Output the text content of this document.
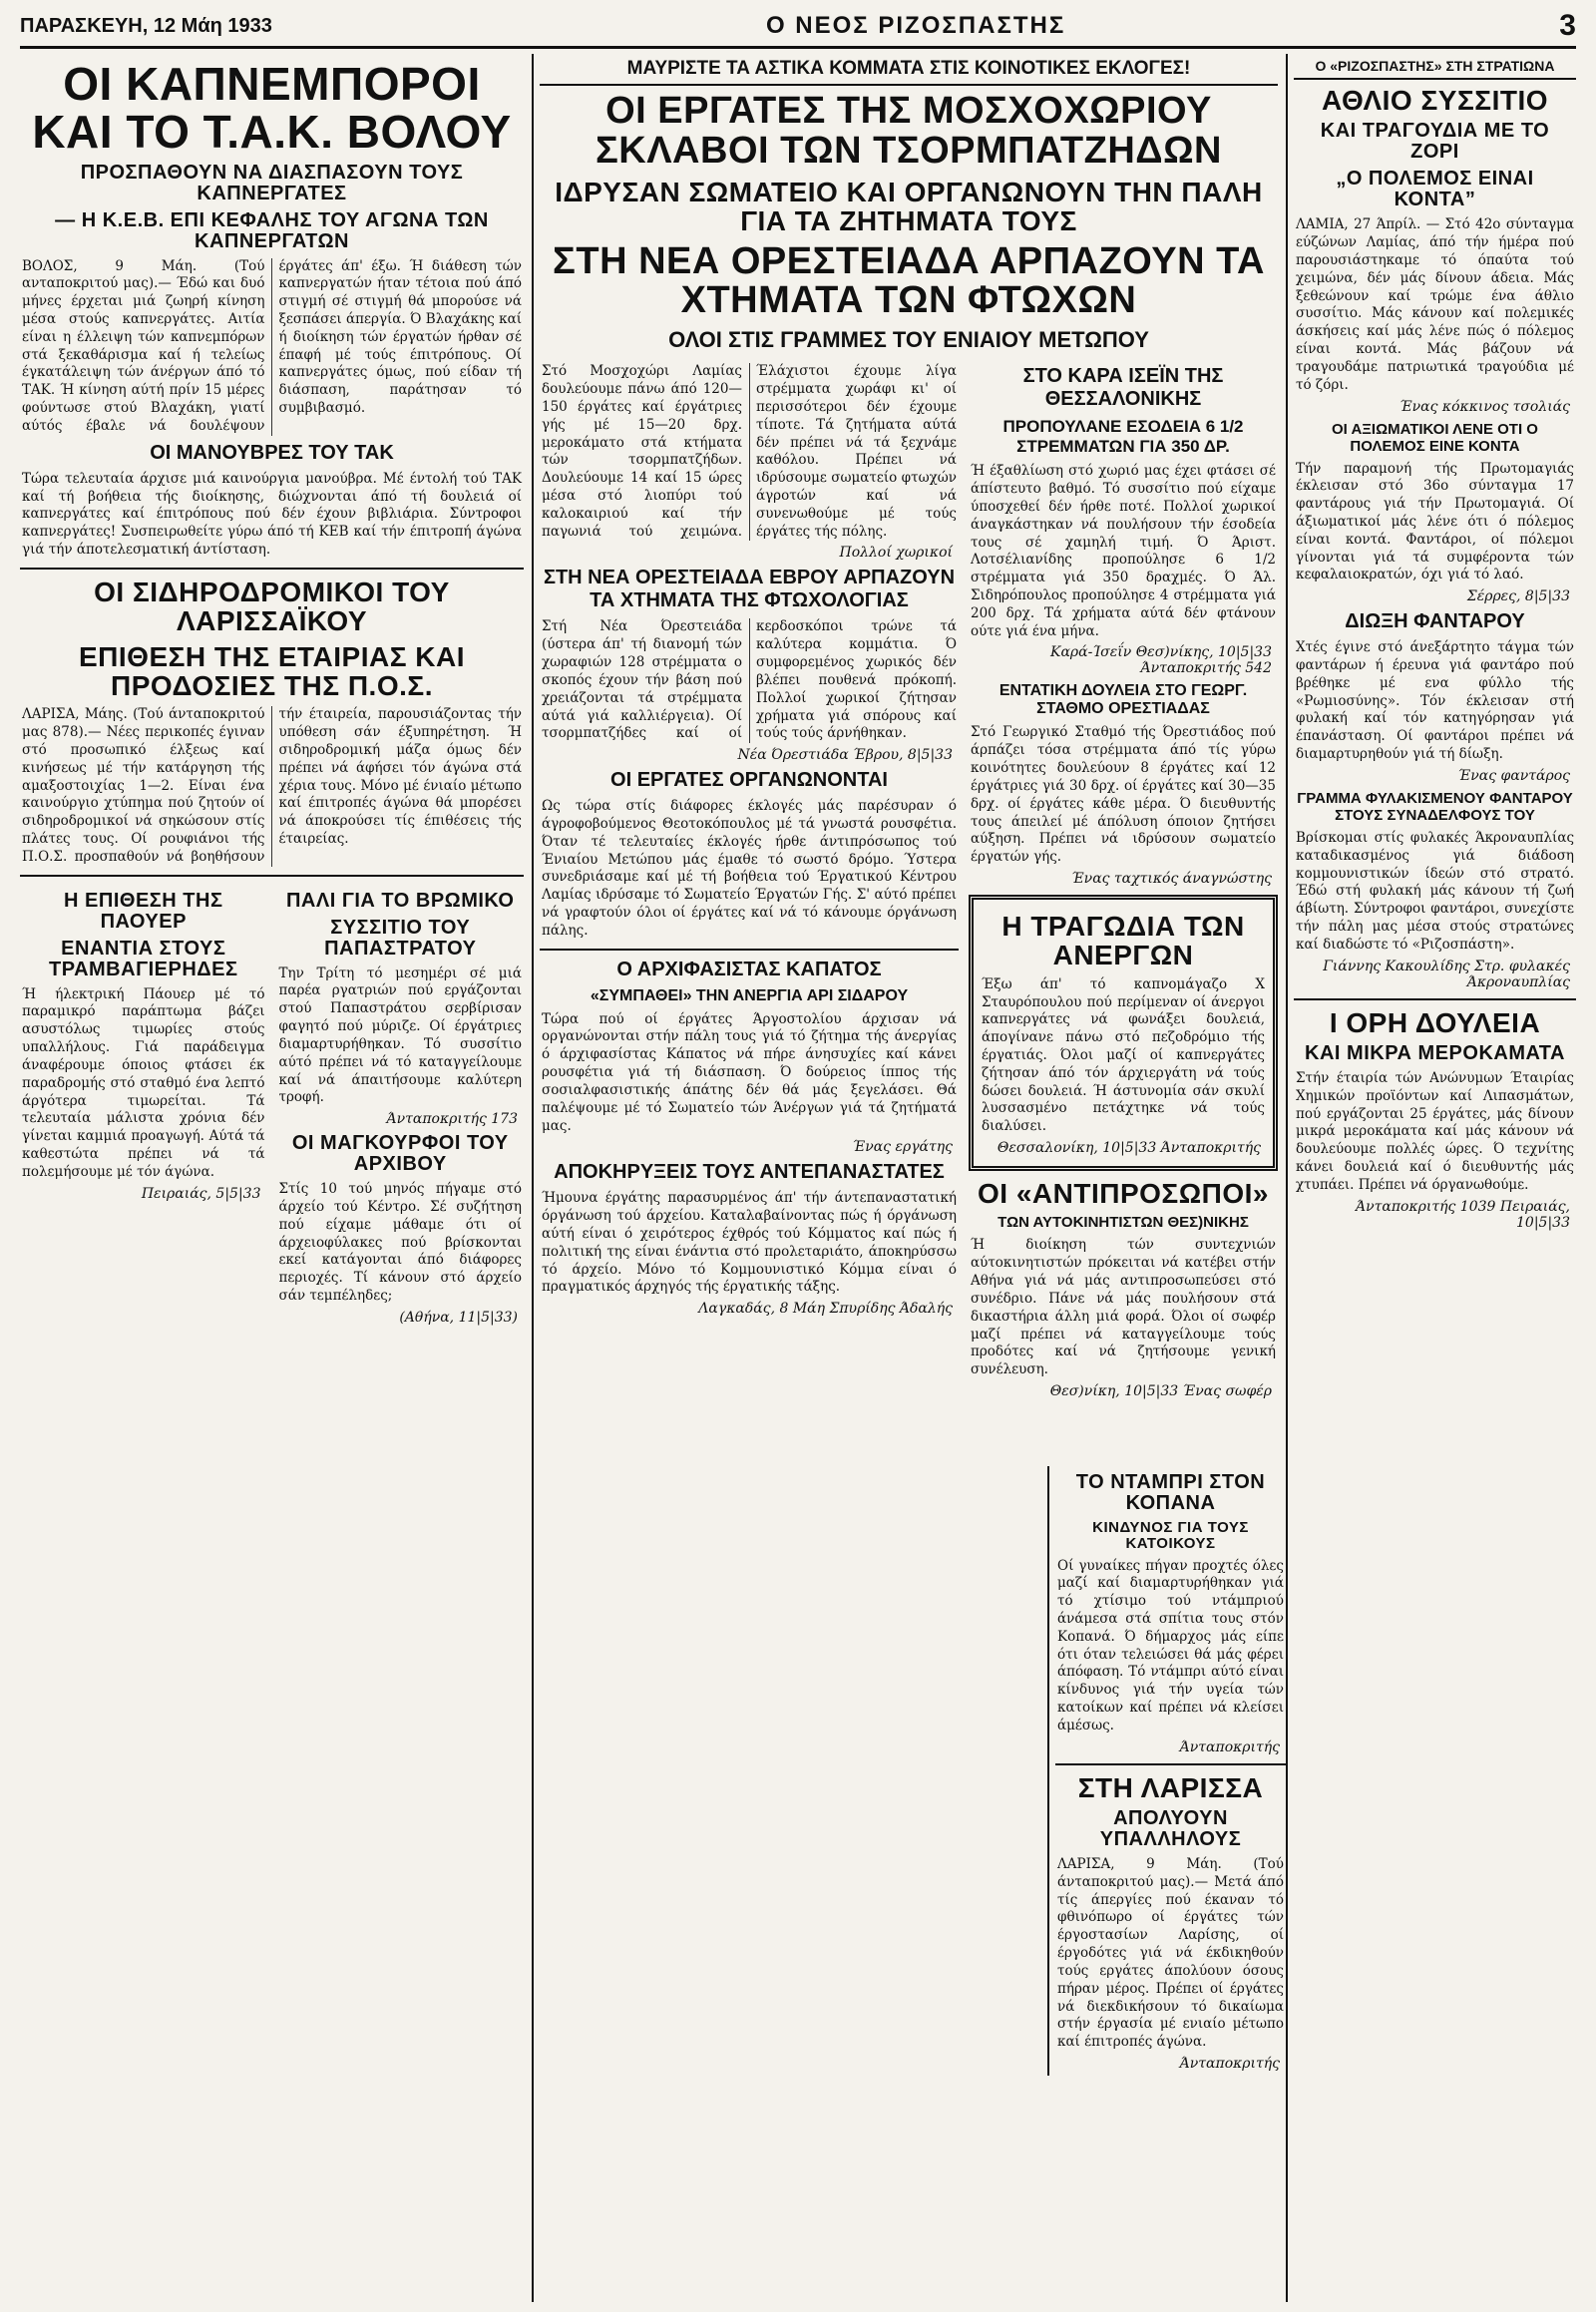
ΠΑΡΑΣΚΕΥΗ, 12 Μάη 1933	Ο ΝΕΟΣ ΡΙΖΟΣΠΑΣΤΗΣ	3
ΟΙ ΚΑΠΝΕΜΠΟΡΟΙ ΚΑΙ ΤΟ Τ.Α.Κ. ΒΟΛΟΥ
ΠΡΟΣΠΑΘΟΥΝ ΝΑ ΔΙΑΣΠΑΣΟΥΝ ΤΟΥΣ ΚΑΠΝΕΡΓΑΤΕΣ
— Η Κ.Ε.Β. ΕΠΙ ΚΕΦΑΛΗΣ ΤΟΥ ΑΓΩΝΑ ΤΩΝ ΚΑΠΝΕΡΓΑΤΩΝ
ΒΟΛΟΣ, 9 Μάη. (Τού ανταποκριτού μας).— Έδώ και δυό μήνες έρχεται μιά ζωηρή κίνηση μέσα στούς καπνεργάτες. Αιτία είναι η έλλειψη τών καπνεμπόρων στά ξεκαθάρισμα καί ή τελείως έγκατάλειψη τών άνέργων άπό τό ΤΑΚ. Ή κίνηση αύτή πρίν 15 μέρες φούντωσε στού Βλαχάκη, γιατί αύτός έβαλε νά δουλέψουν έργάτες άπ' έξω. Ή διάθεση τών καπνεργατών ήταν τέτοια πού άπό στιγμή σέ στιγμή θά μπορούσε νά ξεσπάσει άπεργία. Ό Βλαχάκης καί ή διοίκηση τών έργατών ήρθαν σέ έπαφή μέ τούς έπιτρόπους. Οί καπνεργάτες όμως, πού είδαν τή διάσπαση, παράτησαν τό συμβιβασμό.
ΟΙ ΜΑΝΟΥΒΡΕΣ ΤΟΥ ΤΑΚ
Τώρα τελευταία άρχισε μιά καινούργια μανούβρα. Μέ έντολή τού ΤΑΚ καί τή βοήθεια τής διοίκησης, διώχνονται άπό τή δουλειά οί καπνεργάτες καί έπιτρόπους πού δέν έχουν βιβλιάρια. Σύντροφοι καπνεργάτες! Συσπειρωθείτε γύρω άπό τή ΚΕΒ καί τήν έπιτροπή άγώνα γιά τήν άποτελεσματική άντίσταση.
ΟΙ ΣΙΔΗΡΟΔΡΟΜΙΚΟΙ ΤΟΥ ΛΑΡΙΣΣΑΪΚΟΥ
ΕΠΙΘΕΣΗ ΤΗΣ ΕΤΑΙΡΙΑΣ ΚΑΙ ΠΡΟΔΟΣΙΕΣ ΤΗΣ Π.Ο.Σ.
ΛΑΡΙΣΑ, Μάης. (Τού άνταποκριτού μας 878).— Νέες περικοπές έγιναν στό προσωπικό έλξεως καί κινήσεως μέ τήν κατάργηση τής αμαξοστοιχίας 1—2. Είναι ένα καινούργιο χτύπημα πού ζητούν οί σιδηροδρομικοί νά σηκώσουν στίς πλάτες τους. Οί ρουφιάνοι τής Π.Ο.Σ. προσπαθούν νά βοηθήσουν τήν έταιρεία, παρουσιάζοντας τήν υπόθεση σάν έξυπηρέτηση. Ή σιδηροδρομική μάζα όμως δέν πρέπει νά άφήσει τόν άγώνα στά χέρια τους. Μόνο μέ ένιαίο μέτωπο καί έπιτροπές άγώνα θά μπορέσει νά άποκρούσει τίς έπιθέσεις τής έταιρείας.
Η ΕΠΙΘΕΣΗ ΤΗΣ ΠΑΟΥΕΡ
ΕΝΑΝΤΙΑ ΣΤΟΥΣ ΤΡΑΜΒΑΓΙΕΡΗΔΕΣ
Ή ήλεκτρική Πάουερ μέ τό παραμικρό παράπτωμα βάζει ασυστόλως τιμωρίες στούς υπαλλήλους. Γιά παράδειγμα άναφέρουμε όποιος φτάσει έκ παραδρομής στό σταθμό ένα λεπτό άργότερα τιμωρείται. Τά τελευταία μάλιστα χρόνια δέν γίνεται καμμιά προαγωγή. Αύτά τά καθεστώτα πρέπει νά τά πολεμήσουμε μέ τόν άγώνα.
Πειραιάς, 5|5|33
ΠΑΛΙ ΓΙΑ ΤΟ ΒΡΩΜΙΚΟ
ΣΥΣΣΙΤΙΟ ΤΟΥ ΠΑΠΑΣΤΡΑΤΟΥ
Την Τρίτη τό μεσημέρι σέ μιά παρέα ργατριών πού εργάζονται στού Παπαστράτου σερβίρισαν φαγητό πού μύριζε. Οί έργάτριες διαμαρτυρήθηκαν. Τό συσσίτιο αύτό πρέπει νά τό καταγγείλουμε καί νά άπαιτήσουμε καλύτερη τροφή.
Άνταποκριτής 173
ΟΙ ΜΑΓΚΟΥΡΦΟΙ ΤΟΥ ΑΡΧΙΒΟΥ
Στίς 10 τού μηνός πήγαμε στό άρχείο τού Κέντρο. Σέ συζήτηση πού είχαμε μάθαμε ότι οί άρχειοφύλακες πού βρίσκονται εκεί κατάγονται άπό διάφορες περιοχές. Τί κάνουν στό άρχείο σάν τεμπέληδες;
(Αθήνα, 11|5|33)
ΜΑΥΡΙΣΤΕ ΤΑ ΑΣΤΙΚΑ ΚΟΜΜΑΤΑ ΣΤΙΣ ΚΟΙΝΟΤΙΚΕΣ ΕΚΛΟΓΕΣ!
ΟΙ ΕΡΓΑΤΕΣ ΤΗΣ ΜΟΣΧΟΧΩΡΙΟΥ ΣΚΛΑΒΟΙ ΤΩΝ ΤΣΟΡΜΠΑΤΖΗΔΩΝ
ΙΔΡΥΣΑΝ ΣΩΜΑΤΕΙΟ ΚΑΙ ΟΡΓΑΝΩΝΟΥΝ ΤΗΝ ΠΑΛΗ ΓΙΑ ΤΑ ΖΗΤΗΜΑΤΑ ΤΟΥΣ
ΣΤΗ ΝΕΑ ΟΡΕΣΤΕΙΑΔΑ ΑΡΠΑΖΟΥΝ ΤΑ ΧΤΗΜΑΤΑ ΤΩΝ ΦΤΩΧΩΝ
ΟΛΟΙ ΣΤΙΣ ΓΡΑΜΜΕΣ ΤΟΥ ΕΝΙΑΙΟΥ ΜΕΤΩΠΟΥ
Στό Μοσχοχώρι Λαμίας δουλεύουμε πάνω άπό 120—150 έργάτες καί έργάτριες γής μέ 15—20 δρχ. μεροκάματο στά κτήματα τών τσορμπατζήδων. Δουλεύουμε 14 καί 15 ώρες μέσα στό λιοπύρι τού καλοκαιριού καί τήν παγωνιά τού χειμώνα. Έλάχιστοι έχουμε λίγα στρέμματα χωράφι κι' οί περισσότεροι δέν έχουμε τίποτε. Τά ζητήματα αύτά δέν πρέπει νά τά ξεχνάμε καθόλου. Πρέπει νά ιδρύσουμε σωματείο φτωχών άγροτών καί νά συνενωθούμε μέ τούς έργάτες τής πόλης.
Πολλοί χωρικοί
ΣΤΗ ΝΕΑ ΟΡΕΣΤΕΙΑΔΑ ΕΒΡΟΥ ΑΡΠΑΖΟΥΝ ΤΑ ΧΤΗΜΑΤΑ ΤΗΣ ΦΤΩΧΟΛΟΓΙΑΣ
Στή Νέα Όρεστειάδα (ύστερα άπ' τή διανομή τών χωραφιών 128 στρέμματα ο σκοπός έχουν τήν βάση πού χρειάζονται τά στρέμματα αύτά γιά καλλιέργεια). Οί τσορμπατζήδες καί οί κερδοσκόποι τρώνε τά καλύτερα κομμάτια. Ό συμφορεμένος χωρικός δέν βλέπει πουθενά πρόκοπή. Πολλοί χωρικοί ζήτησαν χρήματα γιά σπόρους καί τούς τούς άρνήθηκαν.
Νέα Όρεστιάδα Έβρου, 8|5|33
ΟΙ ΕΡΓΑΤΕΣ ΟΡΓΑΝΩΝΟΝΤΑΙ
Ως τώρα στίς διάφορες έκλογές μάς παρέσυραν ό άγροφοβούμενος Θεοτοκόπουλος μέ τά γνωστά ρουσφέτια. Όταν τέ τελευταίες έκλογές ήρθε άντιπρόσωπος τού Ένιαίου Μετώπου μάς έμαθε τό σωστό δρόμο. Ύστερα συνεδριάσαμε καί μέ τή βοήθεια τού Έργατικού Κέντρου Λαμίας ιδρύσαμε τό Σωματείο Έργατών Γής. Σ' αύτό πρέπει νά γραφτούν όλοι οί έργάτες καί νά τό κάνουμε όργάνωση πάλης.
Ο ΑΡΧΙΦΑΣΙΣΤΑΣ ΚΑΠΑΤΟΣ
«ΣΥΜΠΑΘΕΙ» ΤΗΝ ΑΝΕΡΓΙΑ ΑΡΙ ΣΙΔΑΡΟΥ
Τώρα πού οί έργάτες Άργοστολίου άρχισαν νά οργανώνονται στήν πάλη τους γιά τό ζήτημα τής άνεργίας ό άρχιφασίστας Κάπατος νά πήρε άνησυχίες καί κάνει ρουσφέτια γιά τή διάσπαση. Ό δούρειος ίππος τής σοσιαλφασιστικής άπάτης δέν θά μάς ξεγελάσει. Θά παλέψουμε μέ τό Σωματείο τών Άνέργων γιά τά ζητήματά μας.
Ένας εργάτης
ΑΠΟΚΗΡΥΞΕΙΣ ΤΟΥΣ ΑΝΤΕΠΑΝΑΣΤΑΤΕΣ
Ήμουνα έργάτης παρασυρμένος άπ' τήν άντεπαναστατική όργάνωση τού άρχείου. Καταλαβαίνοντας πώς ή όργάνωση αύτή είναι ό χειρότερος έχθρός τού Κόμματος καί πώς ή πολιτική της είναι ένάντια στό προλεταριάτο, άποκηρύσσω τό άρχείο. Μόνο τό Κομμουνιστικό Κόμμα είναι ό πραγματικός άρχηγός τής έργατικής τάξης.
Λαγκαδάς, 8 Μάη Σπυρίδης Άδαλής
ΣΤΟ ΚΑΡΑ ΙΣΕΪΝ ΤΗΣ ΘΕΣΣΑΛΟΝΙΚΗΣ
ΠΡΟΠΟΥΛΑΝΕ ΕΣΟΔΕΙΑ 6 1/2 ΣΤΡΕΜΜΑΤΩΝ ΓΙΑ 350 ΔΡ.
Ή έξαθλίωση στό χωριό μας έχει φτάσει σέ άπίστευτο βαθμό. Τό συσσίτιο πού είχαμε ύποσχεθεί δέν ήρθε ποτέ. Πολλοί χωρικοί άναγκάστηκαν νά πουλήσουν τήν έσοδεία τους σέ χαμηλή τιμή. Ό Άριστ. Λοτσέλιανίδης προπούλησε 6 1/2 στρέμματα γιά 350 δραχμές. Ό Άλ. Σιδηρόπουλος προπούλησε 4 στρέμματα γιά 200 δρχ. Τά χρήματα αύτά δέν φτάνουν ούτε γιά ένα μήνα.
Καρά-Ίσεΐν Θεσ)νίκης, 10|5|33 Άνταποκριτής 542
ΕΝΤΑΤΙΚΗ ΔΟΥΛΕΙΑ ΣΤΟ ΓΕΩΡΓ. ΣΤΑΘΜΟ ΟΡΕΣΤΙΑΔΑΣ
Στό Γεωργικό Σταθμό τής Όρεστιάδος πού άρπάζει τόσα στρέμματα άπό τίς γύρω κοινότητες δουλεύουν 8 έργάτες καί 12 έργάτριες γιά 30 δρχ. οί έργάτες καί 30—35 δρχ. οί έργάτες κάθε μέρα. Ό διευθυντής τους άπειλεί μέ άπόλυση όποιον ζητήσει αύξηση. Πρέπει νά ιδρύσουν σωματείο έργατών γής.
Ένας ταχτικός άναγνώστης
Η ΤΡΑΓΩΔΙΑ ΤΩΝ ΑΝΕΡΓΩΝ
Έξω άπ' τό καπνομάγαζο Χ Σταυρόπουλου πού περίμεναν οί άνεργοι καπνεργάτες νά φωνάξει δουλειά, άπογίνανε πάνω στό πεζοδρόμιο τής έργατιάς. Όλοι μαζί οί καπνεργάτες ζήτησαν άπό τόν άρχιεργάτη νά τούς δώσει δουλειά. Ή άστυνομία σάν σκυλί λυσσασμένο πετάχτηκε νά τούς διαλύσει.
Θεσσαλονίκη, 10|5|33 Άνταποκριτής
ΟΙ «ΑΝΤΙΠΡΟΣΩΠΟΙ»
ΤΩΝ ΑΥΤΟΚΙΝΗΤΙΣΤΩΝ ΘΕΣ)ΝΙΚΗΣ
Ή διοίκηση τών συντεχνιών αύτοκινητιστών πρόκειται νά κατέβει στήν Αθήνα γιά νά μάς αντιπροσωπεύσει στό συνέδριο. Πάνε νά μάς πουλήσουν στά δικαστήρια άλλη μιά φορά. Όλοι οί σωφέρ μαζί πρέπει νά καταγγείλουμε τούς προδότες καί νά ζητήσουμε γενική συνέλευση.
Θεσ)νίκη, 10|5|33 Ένας σωφέρ
Ο «ΡΙΖΟΣΠΑΣΤΗΣ» ΣΤΗ ΣΤΡΑΤΙΩΝΑ
ΑΘΛΙΟ ΣΥΣΣΙΤΙΟ
ΚΑΙ ΤΡΑΓΟΥΔΙΑ ΜΕ ΤΟ ΖΟΡΙ
„Ο ΠΟΛΕΜΟΣ ΕΙΝΑΙ ΚΟΝΤΑ”
ΛΑΜΙΑ, 27 Άπρίλ. — Στό 42ο σύνταγμα εύζώνων Λαμίας, άπό τήν ήμέρα πού παρουσιάστηκαμε τό όπαύτα τού χειμώνα, δέν μάς δίνουν άδεια. Μάς ξεθεώνουν καί τρώμε ένα άθλιο συσσίτιο. Μάς κάνουν καί πολεμικές άσκήσεις καί μάς λένε πώς ό πόλεμος είναι κοντά. Μάς βάζουν νά τραγουδάμε πατριωτικά τραγούδια μέ τό ζόρι.
Ένας κόκκινος τσολιάς
ΟΙ ΑΞΙΩΜΑΤΙΚΟΙ ΛΕΝΕ ΟΤΙ Ο ΠΟΛΕΜΟΣ ΕΙΝΕ ΚΟΝΤΑ
Τήν παραμονή τής Πρωτομαγιάς έκλεισαν στό 36ο σύνταγμα 17 φαντάρους γιά τήν Πρωτομαγιά. Οί άξιωματικοί μάς λένε ότι ό πόλεμος είναι κοντά. Φαντάροι, οί πόλεμοι γίνονται γιά τά συμφέροντα τών κεφαλαιοκρατών, όχι γιά τό λαό.
Σέρρες, 8|5|33
ΔΙΩΞΗ ΦΑΝΤΑΡΟΥ
Χτές έγινε στό άνεξάρτητο τάγμα τών φαντάρων ή έρευνα γιά φαντάρο πού βρέθηκε μέ ενα φύλλο τής «Ρωμιοσύνης». Τόν έκλεισαν στή φυλακή καί τόν κατηγόρησαν γιά έπανάσταση. Οί φαντάροι πρέπει νά διαμαρτυρηθούν γιά τή δίωξη.
Ένας φαντάρος
ΓΡΑΜΜΑ ΦΥΛΑΚΙΣΜΕΝΟΥ ΦΑΝΤΑΡΟΥ ΣΤΟΥΣ ΣΥΝΑΔΕΛΦΟΥΣ ΤΟΥ
Βρίσκομαι στίς φυλακές Άκροναυπλίας καταδικασμένος γιά διάδοση κομμουνιστικών ίδεών στό στρατό. Έδώ στή φυλακή μάς κάνουν τή ζωή άβίωτη. Σύντροφοι φαντάροι, συνεχίστε τήν πάλη μας μέσα στούς στρατώνες καί διαδώστε τό «Ριζοσπάστη».
Γιάννης Κακουλίδης Στρ. φυλακές Άκροναυπλίας
Ι ΟΡΗ ΔΟΥΛΕΙΑ
ΚΑΙ ΜΙΚΡΑ ΜΕΡΟΚΑΜΑΤΑ
Στήν έταιρία τών Ανώνυμων Έταιρίας Χημικών προϊόντων καί Λιπασμάτων, πού εργάζονται 25 έργάτες, μάς δίνουν μικρά μεροκάματα καί μάς κάνουν νά δουλεύουμε πολλές ώρες. Ό τεχνίτης κάνει δουλειά καί ό διευθυντής μάς χτυπάει. Πρέπει νά όργανωθούμε.
Άνταποκριτής 1039 Πειραιάς, 10|5|33
ΤΟ ΝΤΑΜΠΡΙ ΣΤΟΝ ΚΟΠΑΝΑ
ΚΙΝΔΥΝΟΣ ΓΙΑ ΤΟΥΣ ΚΑΤΟΙΚΟΥΣ
Οί γυναίκες πήγαν προχτές όλες μαζί καί διαμαρτυρήθηκαν γιά τό χτίσιμο τού ντάμπριού άνάμεσα στά σπίτια τους στόν Κοπανά. Ό δήμαρχος μάς είπε ότι όταν τελειώσει θά μάς φέρει άπόφαση. Τό ντάμπρι αύτό είναι κίνδυνος γιά τήν υγεία τών κατοίκων καί πρέπει νά κλείσει άμέσως.
Άνταποκριτής
ΣΤΗ ΛΑΡΙΣΣΑ
ΑΠΟΛΥΟΥΝ ΥΠΑΛΛΗΛΟΥΣ
ΛΑΡΙΣΑ, 9 Μάη. (Τού άνταποκριτού μας).— Μετά άπό τίς άπεργίες πού έκαναν τό φθινόπωρο οί έργάτες τών έργοστασίων Λαρίσης, οί έργοδότες γιά νά έκδικηθούν τούς εργάτες άπολύουν όσους πήραν μέρος. Πρέπει οί έργάτες νά διεκδικήσουν τό δικαίωμα στήν έργασία μέ ενιαίο μέτωπο καί έπιτροπές άγώνα.
Άνταποκριτής
